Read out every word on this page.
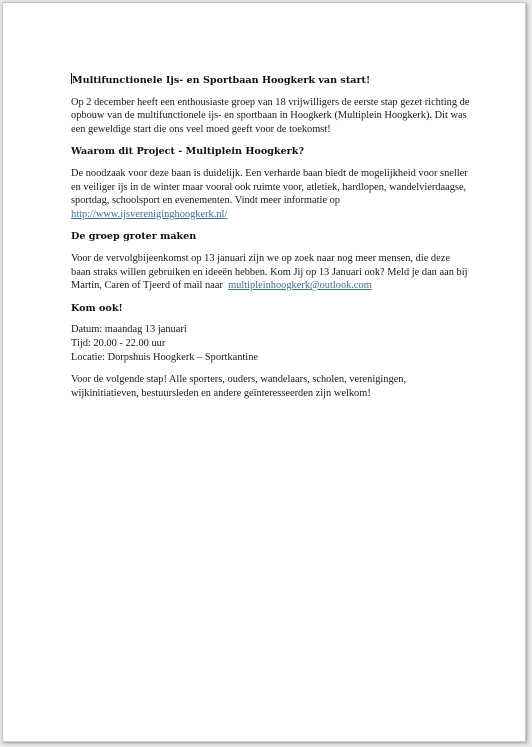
Multifunctionele Ijs- en Sportbaan Hoogkerk van start!

Op 2 december heeft een enthousiaste groep van 18 vrijwilligers de eerste stap gezet richting de opbouw van de multifunctionele ijs- en sportbaan in Hoogkerk (Multiplein Hoogkerk). Dit was een geweldige start die ons veel moed geeft voor de toekomst!

Waarom dit Project - Multiplein Hoogkerk?

De noodzaak voor deze baan is duidelijk. Een verharde baan biedt de mogelijkheid voor sneller en veiliger ijs in de winter maar vooral ook ruimte voor, atletiek, hardlopen, wandelvierdaagse, sportdag, schoolsport en evenementen. Vindt meer informatie op http://www.ijsvereniginghoogkerk.nl/

De groep groter maken

Voor de vervolgbijeenkomst op 13 januari zijn we op zoek naar nog meer mensen, die deze baan straks willen gebruiken en ideeën hebben. Kom Jij op 13 Januari ook? Meld je dan aan bij Martin, Caren of Tjeerd of mail naar multipleinhoogkerk@outlook.com

Kom ook!

Datum: maandag 13 januari

Tijd: 20.00 - 22.00 uur

Locatie: Dorpshuis Hoogkerk – Sportkantine

Voor de volgende stap! Alle sporters, ouders, wandelaars, scholen, verenigingen, wijkinitiatieven, bestuursleden en andere geïnteresseerden zijn welkom!
